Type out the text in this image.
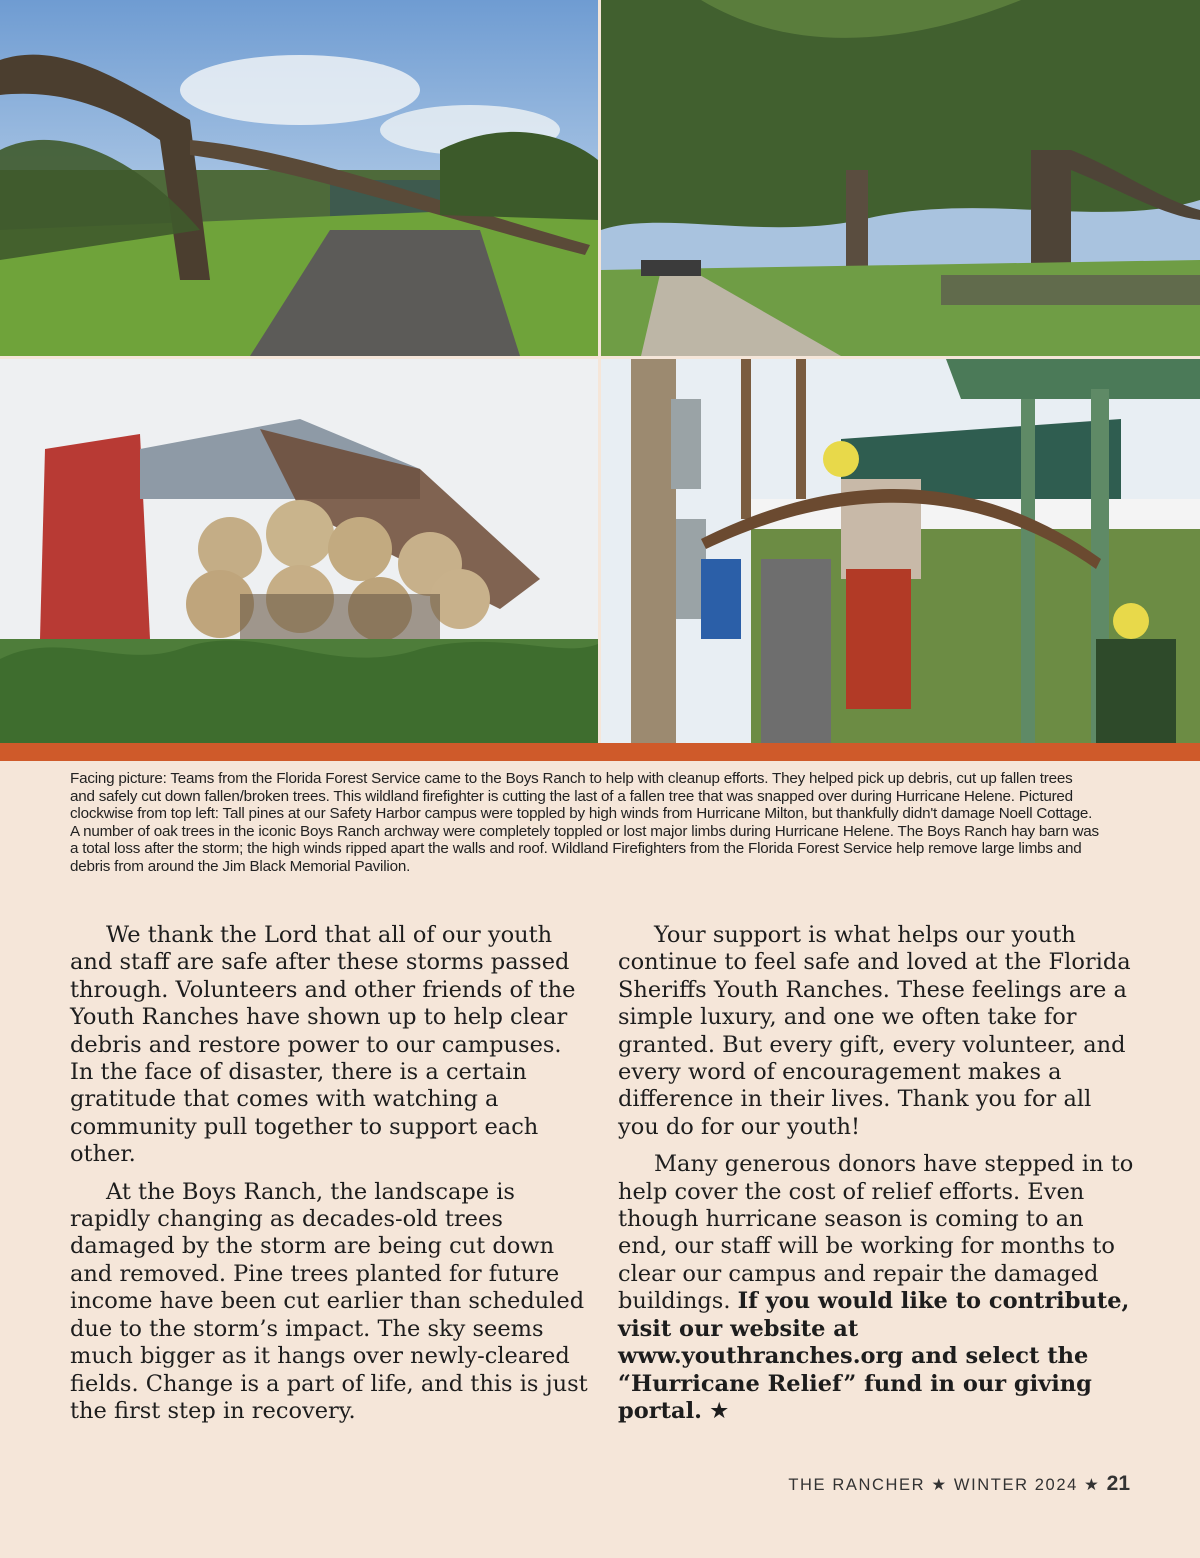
Facing picture: Teams from the Florida Forest Service came to the Boys Ranch to help with cleanup efforts. They helped pick up debris, cut up fallen trees and safely cut down fallen/broken trees. This wildland firefighter is cutting the last of a fallen tree that was snapped over during Hurricane Helene. Pictured clockwise from top left: Tall pines at our Safety Harbor campus were toppled by high winds from Hurricane Milton, but thankfully didn't damage Noell Cottage. A number of oak trees in the iconic Boys Ranch archway were completely toppled or lost major limbs during Hurricane Helene. The Boys Ranch hay barn was a total loss after the storm; the high winds ripped apart the walls and roof. Wildland Firefighters from the Florida Forest Service help remove large limbs and debris from around the Jim Black Memorial Pavilion.

We thank the Lord that all of our youth and staff are safe after these storms passed through. Volunteers and other friends of the Youth Ranches have shown up to help clear debris and restore power to our campuses. In the face of disaster, there is a certain gratitude that comes with watching a community pull together to support each other.

At the Boys Ranch, the landscape is rapidly changing as decades-old trees damaged by the storm are being cut down and removed. Pine trees planted for future income have been cut earlier than scheduled due to the storm’s impact. The sky seems much bigger as it hangs over newly-cleared fields. Change is a part of life, and this is just the first step in recovery.

Your support is what helps our youth continue to feel safe and loved at the Florida Sheriffs Youth Ranches. These feelings are a simple luxury, and one we often take for granted. But every gift, every volunteer, and every word of encouragement makes a difference in their lives. Thank you for all you do for our youth!

Many generous donors have stepped in to help cover the cost of relief efforts. Even though hurricane season is coming to an end, our staff will be working for months to clear our campus and repair the damaged buildings. If you would like to contribute, visit our website at www.youthranches.org and select the “Hurricane Relief” fund in our giving portal. ★

THE RANCHER ★ WINTER 2024 ★ 21
